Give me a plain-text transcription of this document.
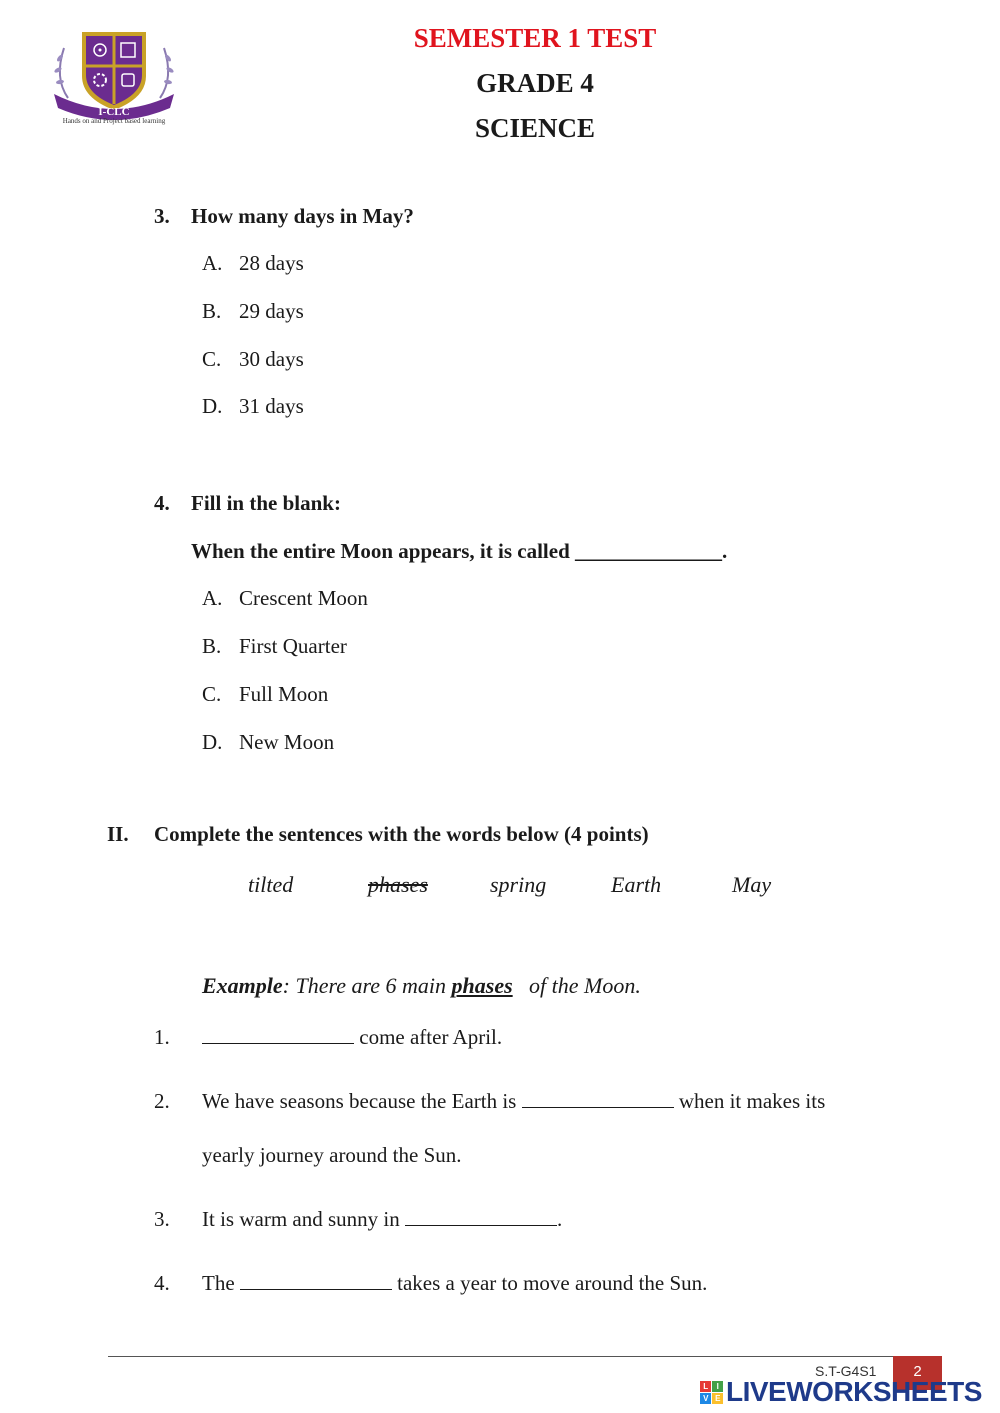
I-CLC
Hands on and Project based learning
SEMESTER 1 TEST
GRADE 4
SCIENCE
3. How many days in May?
A. 28 days
B. 29 days
C. 30 days
D. 31 days
4. Fill in the blank:
When the entire Moon appears, it is called ______________.
A. Crescent Moon
B. First Quarter
C. Full Moon
D. New Moon
II. Complete the sentences with the words below (4 points)
tilted	phases	spring	Earth	May
Example: There are 6 main phases of the Moon.
1.	come after April.
2. We have seasons because the Earth is	when it makes its
yearly journey around the Sun.
3. It is warm and sunny in	.
4. The	takes a year to move around the Sun.
S.T-G4S1	2
L	I
V E LIVEWORKSHEETS
